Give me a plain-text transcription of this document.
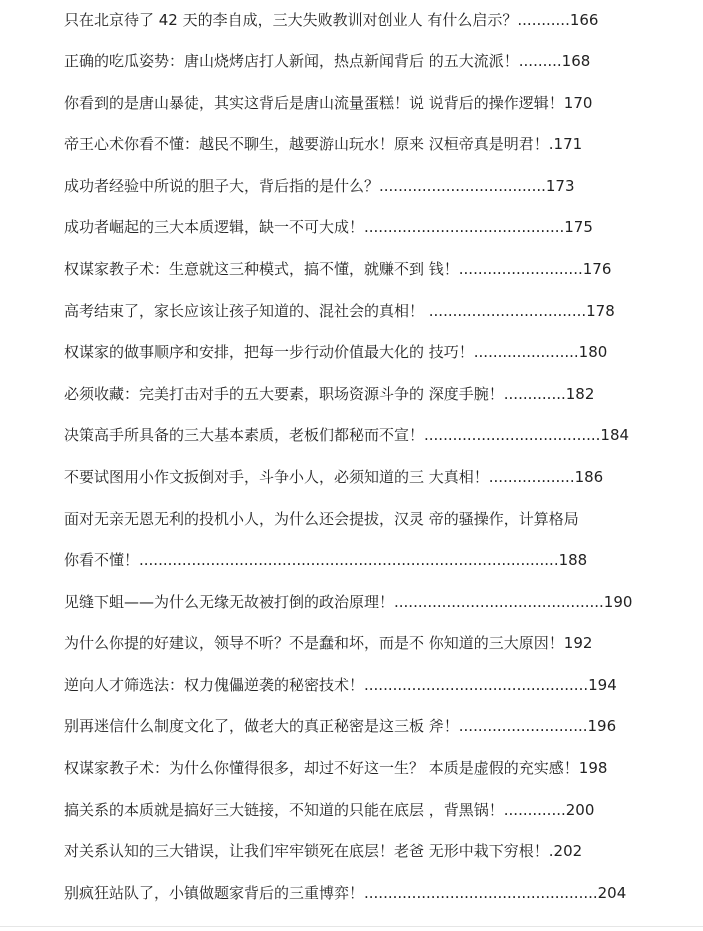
只在北京待了 42 天的李自成，三大失败教训对创业人 有什么启示？...........166
正确的吃瓜姿势：唐山烧烤店打人新闻，热点新闻背后 的五大流派！.........168
你看到的是唐山暴徒，其实这背后是唐山流量蛋糕！说 说背后的操作逻辑！170
帝王心术你看不懂：越民不聊生，越要游山玩水！原来 汉桓帝真是明君！.171
成功者经验中所说的胆子大，背后指的是什么？...................................173
成功者崛起的三大本质逻辑，缺一不可大成！..........................................175
权谋家教子术：生意就这三种模式，搞不懂，就赚不到 钱！..........................176
高考结束了，家长应该让孩子知道的、混社会的真相！ .................................178
权谋家的做事顺序和安排，把每一步行动价值最大化的 技巧！......................180
必须收藏：完美打击对手的五大要素，职场资源斗争的 深度手腕！.............182
决策高手所具备的三大基本素质，老板们都秘而不宣！.....................................184
不要试图用小作文扳倒对手，斗争小人，必须知道的三 大真相！..................186
面对无亲无恩无利的投机小人，为什么还会提拔，汉灵 帝的骚操作，计算格局
你看不懂！........................................................................................188
见缝下蛆——为什么无缘无故被打倒的政治原理！............................................190
为什么你提的好建议，领导不听？不是蠢和坏，而是不 你知道的三大原因！192
逆向人才筛选法：权力傀儡逆袭的秘密技术！...............................................194
别再迷信什么制度文化了，做老大的真正秘密是这三板 斧！...........................196
权谋家教子术：为什么你懂得很多，却过不好这一生？ 本质是虚假的充实感！198
搞关系的本质就是搞好三大链接，不知道的只能在底层 ，背黑锅！.............200
对关系认知的三大错误，让我们牢牢锁死在底层！老爸 无形中栽下穷根！.202
别疯狂站队了，小镇做题家背后的三重博弈！.................................................204
